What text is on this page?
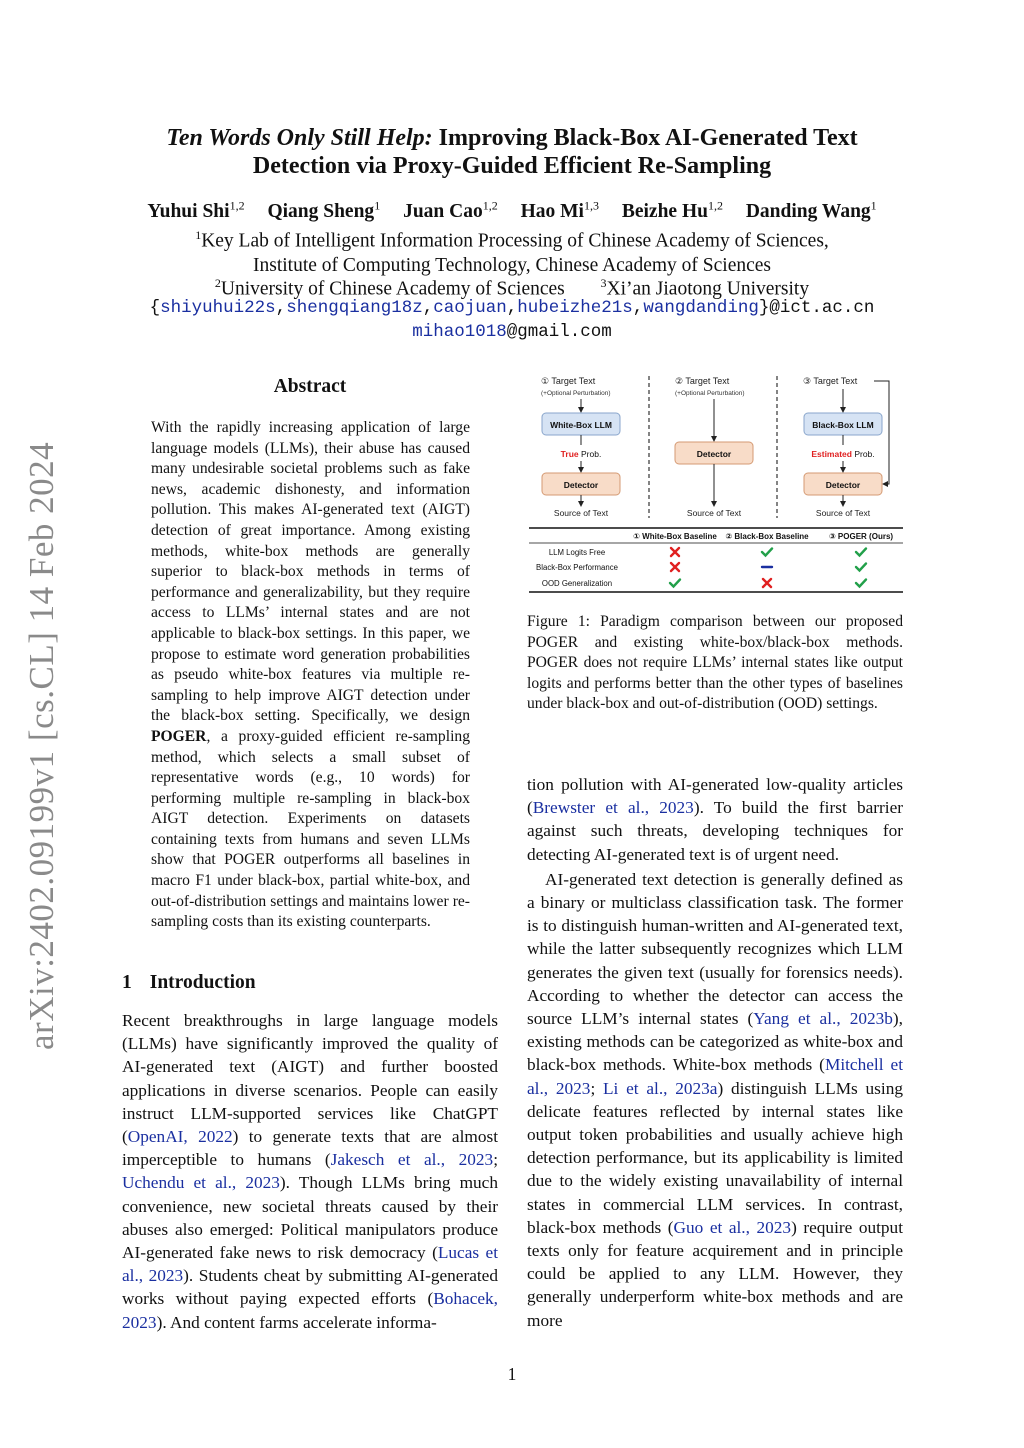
arXiv:2402.09199v1 [cs.CL] 14 Feb 2024
Ten Words Only Still Help: Improving Black-Box AI-Generated Text
Detection via Proxy-Guided Efficient Re-Sampling
Yuhui Shi$^{1,2}$ Qiang Sheng$^1$ Juan Cao$^{1,2}$ Hao Mi$^{1,3}$ Beizhe Hu$^{1,2}$ Danding Wang$^1$
$^1$Key Lab of Intelligent Information Processing of Chinese Academy of Sciences,
Institute of Computing Technology, Chinese Academy of Sciences
$^2$University of Chinese Academy of Sciences	$^3$Xi’an Jiaotong University
{shiyuhui22s,shengqiang18z,caojuan,hubeizhe21s,wangdanding}@ict.ac.cn
mihao1018@gmail.com
Abstract
With the rapidly increasing application of large language models (LLMs), their abuse has caused many undesirable societal problems such as fake news, academic dishonesty, and information pollution. This makes AI-generated text (AIGT) detection of great importance. Among existing methods, white-box methods are generally superior to black-box methods in terms of performance and generalizability, but they require access to LLMs’ internal states and are not applicable to black-box settings. In this paper, we propose to estimate word generation probabilities as pseudo white-box features via multiple re-sampling to help improve AIGT detection under the black-box setting. Specifically, we design POGER, a proxy-guided efficient re-sampling method, which selects a small subset of representative words (e.g., 10 words) for performing multiple re-sampling in black-box AIGT detection. Experiments on datasets containing texts from humans and seven LLMs show that POGER outperforms all baselines in macro F1 under black-box, partial white-box, and out-of-distribution settings and maintains lower re-sampling costs than its existing counterparts.
1 Introduction
Recent breakthroughs in large language models (LLMs) have significantly improved the quality of AI-generated text (AIGT) and further boosted applications in diverse scenarios. People can easily instruct LLM-supported services like ChatGPT (OpenAI, 2022) to generate texts that are almost imperceptible to humans (Jakesch et al., 2023; Uchendu et al., 2023). Though LLMs bring much convenience, new societal threats caused by their abuses also emerged: Political manipulators produce AI-generated fake news to risk democracy (Lucas et al., 2023). Students cheat by submitting AI-generated works without paying expected efforts (Bohacek, 2023). And content farms accelerate informa-

tion pollution with AI-generated low-quality articles (Brewster et al., 2023). To build the first barrier against such threats, developing techniques for detecting AI-generated text is of urgent need.

AI-generated text detection is generally defined as a binary or multiclass classification task. The former is to distinguish human-written and AI-generated text, while the latter subsequently recognizes which LLM generates the given text (usually for forensics needs). According to whether the detector can access the source LLM’s internal states (Yang et al., 2023b), existing methods can be categorized as white-box and black-box methods. White-box methods (Mitchell et al., 2023; Li et al., 2023a) distinguish LLMs using delicate features reflected by internal states like output token probabilities and usually achieve high detection performance, but its applicability is limited due to the widely existing unavailability of internal states in commercial LLM services. In contrast, black-box methods (Guo et al., 2023) require output texts only for feature acquirement and in principle could be applied to any LLM. However, they generally underperform white-box methods and are more

① Target Text
(+Optional Perturbation)
White-Box LLM
True Prob.
Detector
Source of Text
② Target Text
(+Optional Perturbation)
Detector
Source of Text
③ Target Text
Black-Box LLM
Estimated Prob.
Detector
Source of Text
① White-Box Baseline ② Black-Box Baseline	③ POGER (Ours)
LLM Logits Free
Black-Box Performance
OOD Generalization
Figure 1: Paradigm comparison between our proposed POGER and existing white-box/black-box methods. POGER does not require LLMs’ internal states like output logits and performs better than the other types of baselines under black-box and out-of-distribution (OOD) settings.
1
